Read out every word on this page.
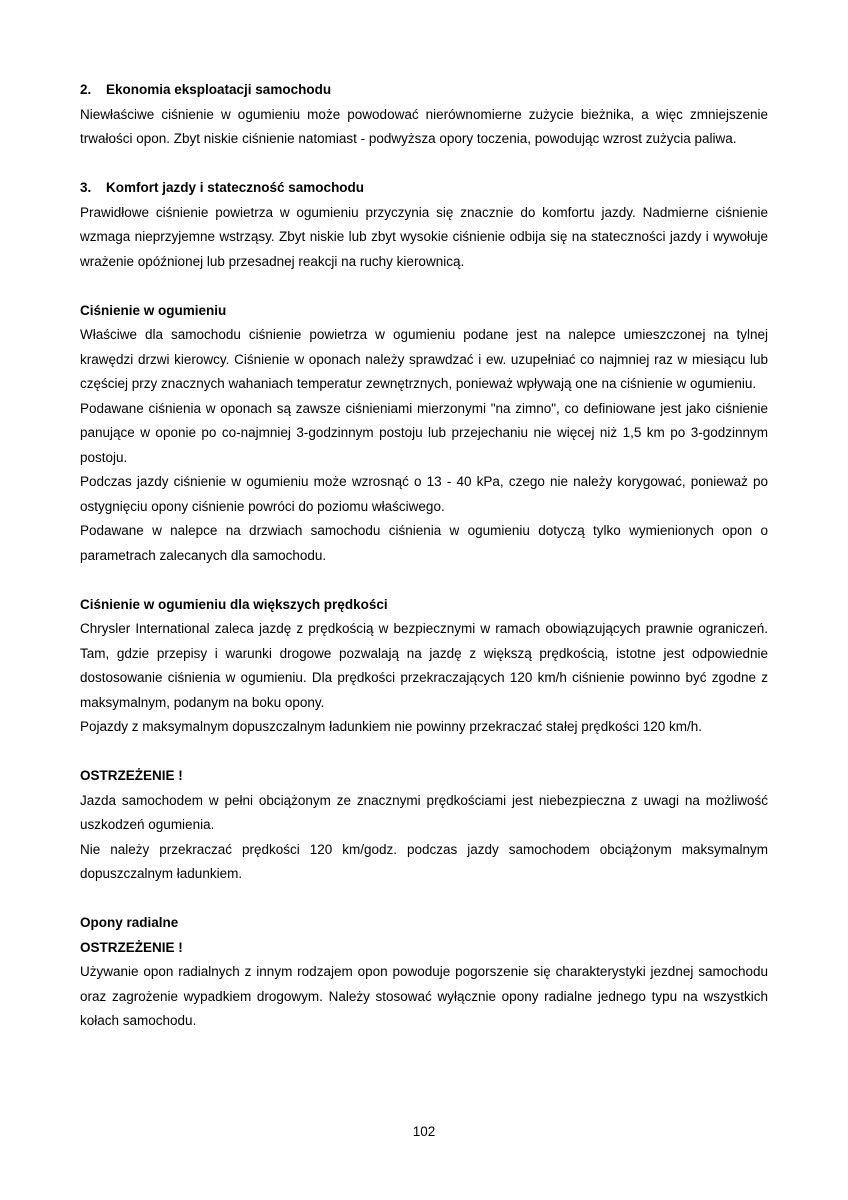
2. Ekonomia eksploatacji samochodu

Niewłaściwe ciśnienie w ogumieniu może powodować nierównomierne zużycie bieżnika, a więc zmniejszenie trwałości opon. Zbyt niskie ciśnienie natomiast - podwyższa opory toczenia, powodując wzrost zużycia paliwa.

3. Komfort jazdy i stateczność samochodu

Prawidłowe ciśnienie powietrza w ogumieniu przyczynia się znacznie do komfortu jazdy. Nadmierne ciśnienie wzmaga nieprzyjemne wstrząsy. Zbyt niskie lub zbyt wysokie ciśnienie odbija się na stateczności jazdy i wywołuje wrażenie opóźnionej lub przesadnej reakcji na ruchy kierownicą.

Ciśnienie w ogumieniu

Właściwe dla samochodu ciśnienie powietrza w ogumieniu podane jest na nalepce umieszczonej na tylnej krawędzi drzwi kierowcy. Ciśnienie w oponach należy sprawdzać i ew. uzupełniać co najmniej raz w miesiącu lub częściej przy znacznych wahaniach temperatur zewnętrznych, ponieważ wpływają one na ciśnienie w ogumieniu.

Podawane ciśnienia w oponach są zawsze ciśnieniami mierzonymi "na zimno", co definiowane jest jako ciśnienie panujące w oponie po co-najmniej 3-godzinnym postoju lub przejechaniu nie więcej niż 1,5 km po 3-godzinnym postoju.

Podczas jazdy ciśnienie w ogumieniu może wzrosnąć o 13 - 40 kPa, czego nie należy korygować, ponieważ po ostygnięciu opony ciśnienie powróci do poziomu właściwego.

Podawane w nalepce na drzwiach samochodu ciśnienia w ogumieniu dotyczą tylko wymienionych opon o parametrach zalecanych dla samochodu.

Ciśnienie w ogumieniu dla większych prędkości

Chrysler International zaleca jazdę z prędkością w bezpiecznymi w ramach obowiązujących prawnie ograniczeń. Tam, gdzie przepisy i warunki drogowe pozwalają na jazdę z większą prędkością, istotne jest odpowiednie dostosowanie ciśnienia w ogumieniu. Dla prędkości przekraczających 120 km/h ciśnienie powinno być zgodne z maksymalnym, podanym na boku opony.

Pojazdy z maksymalnym dopuszczalnym ładunkiem nie powinny przekraczać stałej prędkości 120 km/h.

OSTRZEŻENIE !

Jazda samochodem w pełni obciążonym ze znacznymi prędkościami jest niebezpieczna z uwagi na możliwość uszkodzeń ogumienia.

Nie należy przekraczać prędkości 120 km/godz. podczas jazdy samochodem obciążonym maksymalnym dopuszczalnym ładunkiem.

Opony radialne

OSTRZEŻENIE !

Używanie opon radialnych z innym rodzajem opon powoduje pogorszenie się charakterystyki jezdnej samochodu oraz zagrożenie wypadkiem drogowym. Należy stosować wyłącznie opony radialne jednego typu na wszystkich kołach samochodu.

102
